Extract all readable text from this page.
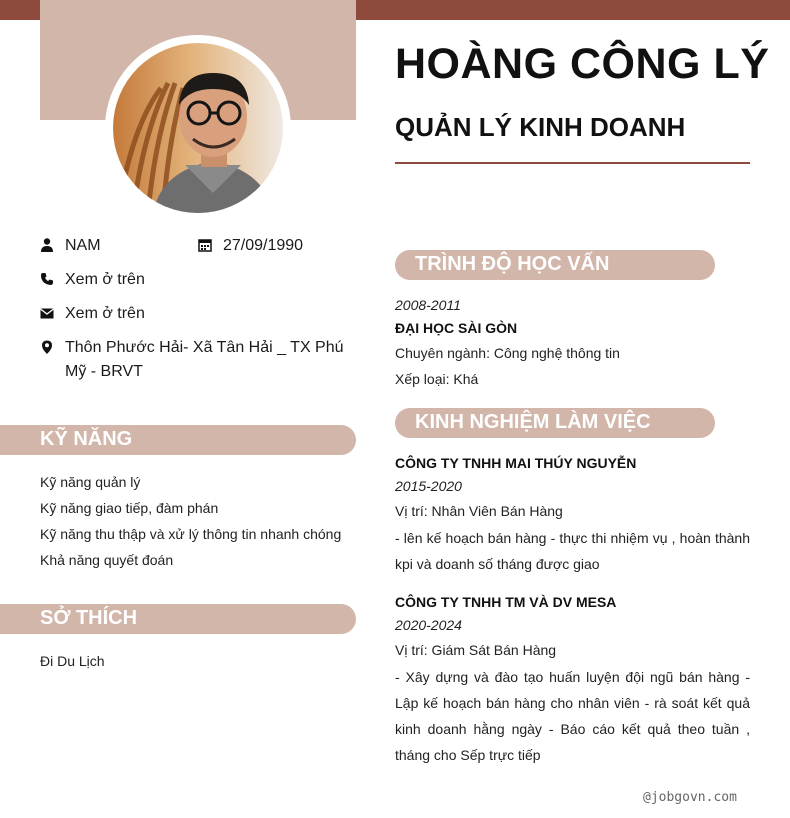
HOÀNG CÔNG LÝ
QUẢN LÝ KINH DOANH
NAM	27/09/1990
Xem ở trên
Xem ở trên
Thôn Phước Hải- Xã Tân Hải _ TX Phú Mỹ - BRVT
KỸ NĂNG
Kỹ năng quản lý
Kỹ năng giao tiếp, đàm phán
Kỹ năng thu thập và xử lý thông tin nhanh chóng
Khả năng quyết đoán
SỞ THÍCH
Đi Du Lịch
TRÌNH ĐỘ HỌC VẤN
2008-2011
ĐẠI HỌC SÀI GÒN
Chuyên ngành: Công nghệ thông tin
Xếp loại: Khá
KINH NGHIỆM LÀM VIỆC
CÔNG TY TNHH MAI THÚY NGUYỄN
2015-2020
Vị trí: Nhân Viên Bán Hàng
- lên kế hoạch bán hàng - thực thi nhiệm vụ , hoàn thành kpi và doanh số tháng được giao
CÔNG TY TNHH TM VÀ DV MESA
2020-2024
Vị trí: Giám Sát Bán Hàng
- Xây dựng và đào tạo huấn luyện đội ngũ bán hàng - Lập kế hoạch bán hàng cho nhân viên - rà soát kết quả kinh doanh hằng ngày - Báo cáo kết quả theo tuần , tháng cho Sếp trực tiếp
@jobgovn.com
